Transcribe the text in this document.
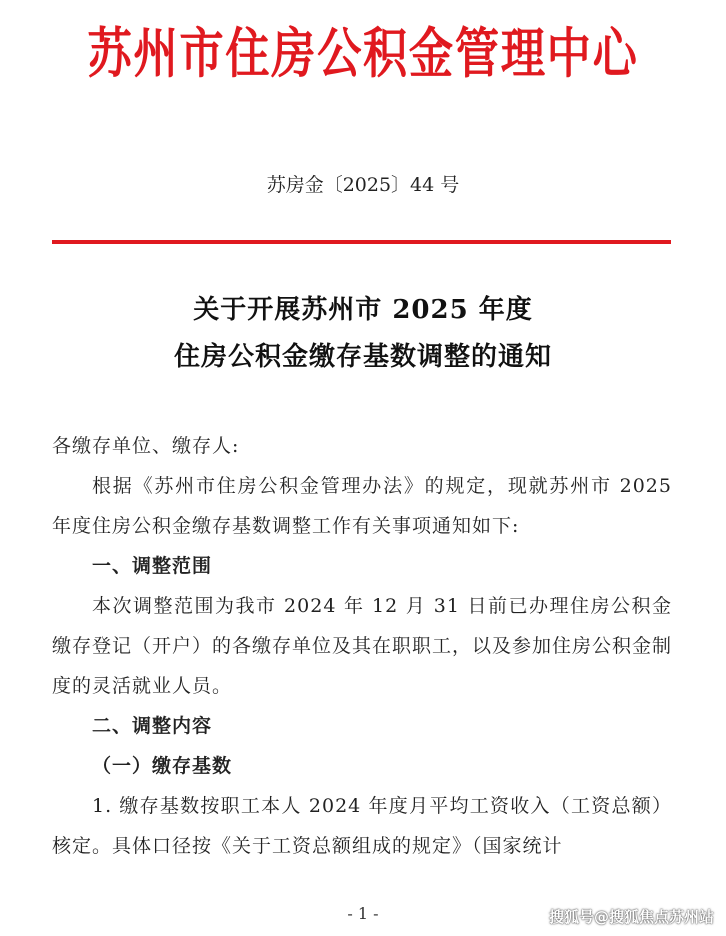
苏州市住房公积金管理中心
苏房金〔2025〕44 号
关于开展苏州市 2025 年度
住房公积金缴存基数调整的通知

各缴存单位、缴存人:

根据《苏州市住房公积金管理办法》的规定，现就苏州市 2025 年度住房公积金缴存基数调整工作有关事项通知如下:

一、调整范围

本次调整范围为我市 2024 年 12 月 31 日前已办理住房公积金缴存登记（开户）的各缴存单位及其在职职工，以及参加住房公积金制度的灵活就业人员。

二、调整内容

（一）缴存基数

1. 缴存基数按职工本人 2024 年度月平均工资收入（工资总额）核定。具体口径按《关于工资总额组成的规定》（国家统计

- 1 -	搜狐号@搜狐焦点苏州站
